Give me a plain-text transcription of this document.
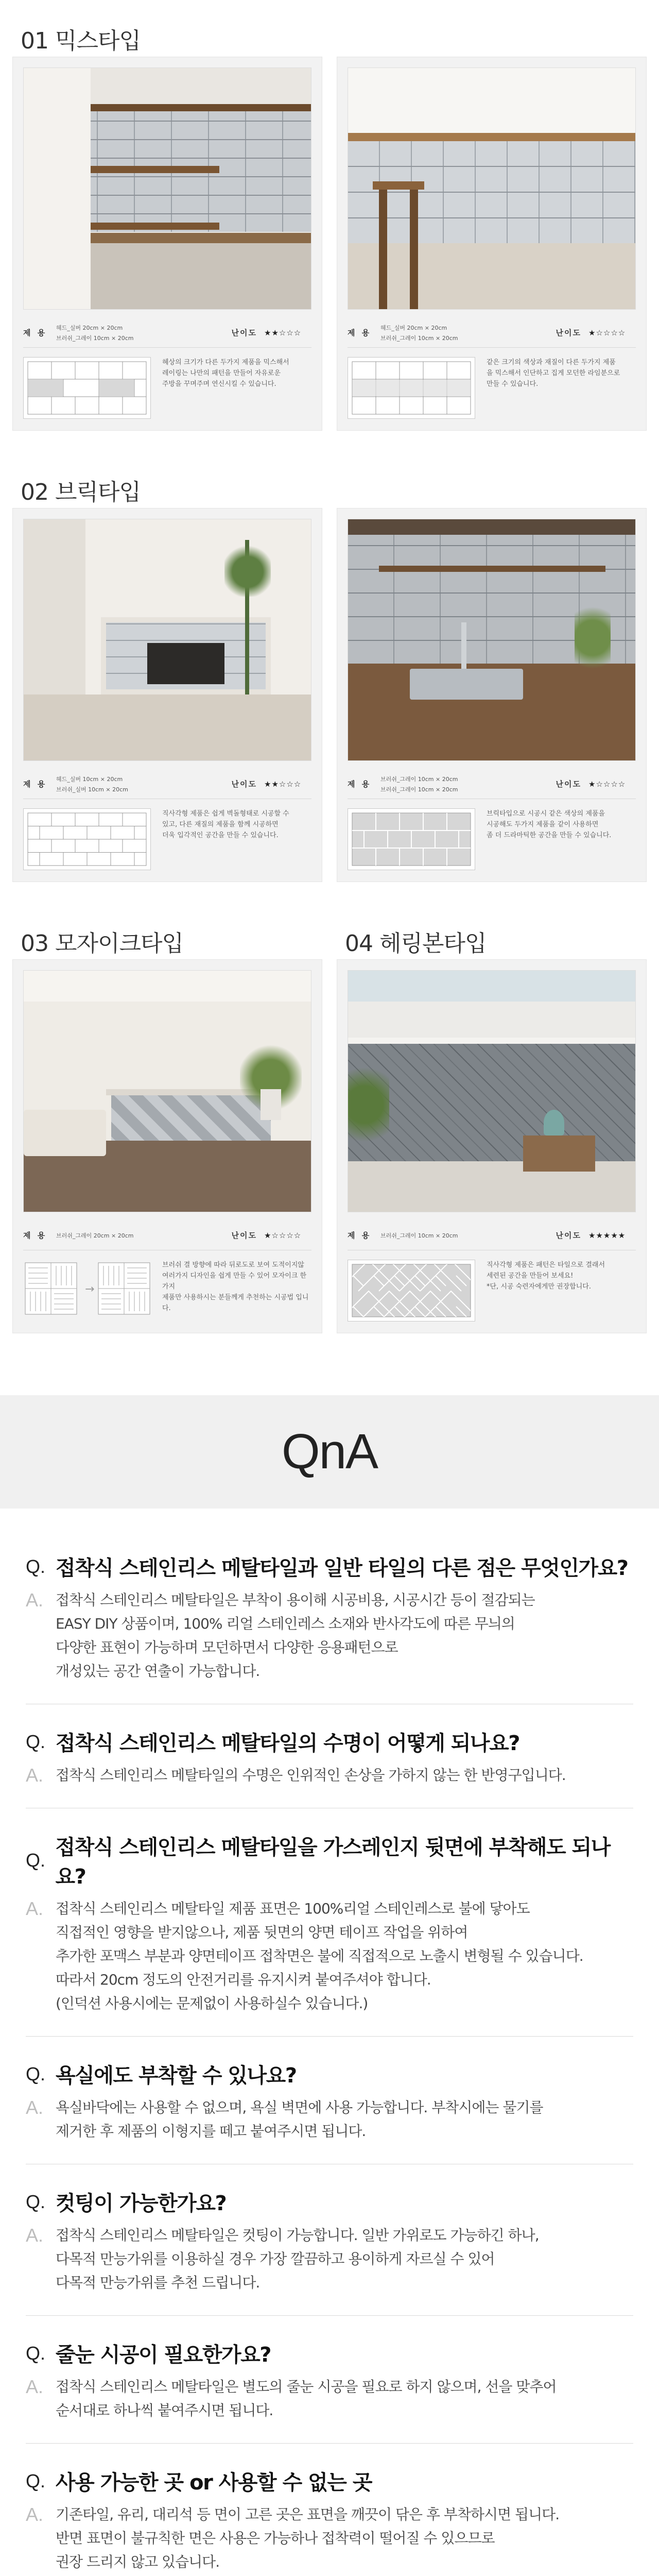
01 믹스타입
제 용
헤드_실버 20cm × 20cm
브러쉬_그레이 10cm × 20cm
난이도 ★★☆☆☆
헤상의 크기가 다른 두가지 제품을 믹스해서
레이링는 나만의 패턴을 만들어 자유로운
주방을 꾸며주며 연신시킬 수 있습니다.
제 용
헤드_실버 20cm × 20cm
브러쉬_그레이 10cm × 20cm
난이도 ★☆☆☆☆
같은 크기의 색상과 재질이 다른 두가지 제품
을 믹스해서 인단하고 집게 모던한 라임분으로
만들 수 있습니다.
02 브릭타입
제 용
헤드_실버 10cm × 20cm
브러쉬_실버 10cm × 20cm
난이도 ★★☆☆☆
직사각형 제품은 쉽게 벽돌형태로 시공할 수
있고, 다른 재질의 제품을 함께 시공하면
더욱 입각적인 공간을 만들 수 있습니다.
제 용
브러쉬_그레이 10cm × 20cm
브러쉬_그레이 10cm × 20cm
난이도 ★☆☆☆☆
브릭타입으로 시공시 같은 색상의 제품을
시공해도 두가지 제품을 같이 사용하면
좀 더 드라마틱한 공간을 만들 수 있습니다.
03 모자이크타입	04 헤링본타입
제 용	브러쉬_그레이 20cm × 20cm	난이도 ★☆☆☆☆
→
브러쉬 결 방향에 따라 뒤로도로 보여 도적이지않
여러가지 디자인을 쉽게 만들 수 있어 모자이크 한가지
제품만 사용하시는 분들께게 추천하는 시공법 입니다.
제 용	브러쉬_그레이 10cm × 20cm	난이도 ★★★★★
직사각형 제품은 패턴은 타일으로 결래서
세련된 공간을 만들어 보세요!
*단, 시공 숙련자에게만 권장합니다.
QnA
Q. 접착식 스테인리스 메탈타일과 일반 타일의 다른 점은 무엇인가요?
A. 접착식 스테인리스 메탈타일은 부착이 용이해 시공비용, 시공시간 등이 절감되는
EASY DIY 상품이며, 100% 리얼 스테인레스 소재와 반사각도에 따른 무늬의
다양한 표현이 가능하며 모던하면서 다양한 응용패턴으로
개성있는 공간 연출이 가능합니다.
Q. 접착식 스테인리스 메탈타일의 수명이 어떻게 되나요?
A. 접착식 스테인리스 메탈타일의 수명은 인위적인 손상을 가하지 않는 한 반영구입니다.
Q.
접착식 스테인리스 메탈타일을 가스레인지 뒷면에 부착해도 되나요?
A. 접착식 스테인리스 메탈타일 제품 표면은 100%리얼 스테인레스로 불에 닿아도
직접적인 영향을 받지않으나, 제품 뒷면의 양면 테이프 작업을 위하여
추가한 포맥스 부분과 양면테이프 접착면은 불에 직접적으로 노출시 변형될 수 있습니다.
따라서 20cm 정도의 안전거리를 유지시켜 붙여주셔야 합니다.
(인덕션 사용시에는 문제없이 사용하실수 있습니다.)
Q. 욕실에도 부착할 수 있나요?
A. 욕실바닥에는 사용할 수 없으며, 욕실 벽면에 사용 가능합니다. 부착시에는 물기를
제거한 후 제품의 이형지를 떼고 붙여주시면 됩니다.
Q. 컷팅이 가능한가요?
A. 접착식 스테인리스 메탈타일은 컷팅이 가능합니다. 일반 가위로도 가능하긴 하나,
다목적 만능가위를 이용하실 경우 가장 깔끔하고 용이하게 자르실 수 있어
다목적 만능가위를 추천 드립니다.
Q. 줄눈 시공이 필요한가요?
A. 접착식 스테인리스 메탈타일은 별도의 줄눈 시공을 필요로 하지 않으며, 선을 맞추어
순서대로 하나씩 붙여주시면 됩니다.
Q. 사용 가능한 곳 or 사용할 수 없는 곳
A. 기존타일, 유리, 대리석 등 면이 고른 곳은 표면을 깨끗이 닦은 후 부착하시면 됩니다.
반면 표면이 불규칙한 면은 사용은 가능하나 접착력이 떨어질 수 있으므로
권장 드리지 않고 있습니다.
